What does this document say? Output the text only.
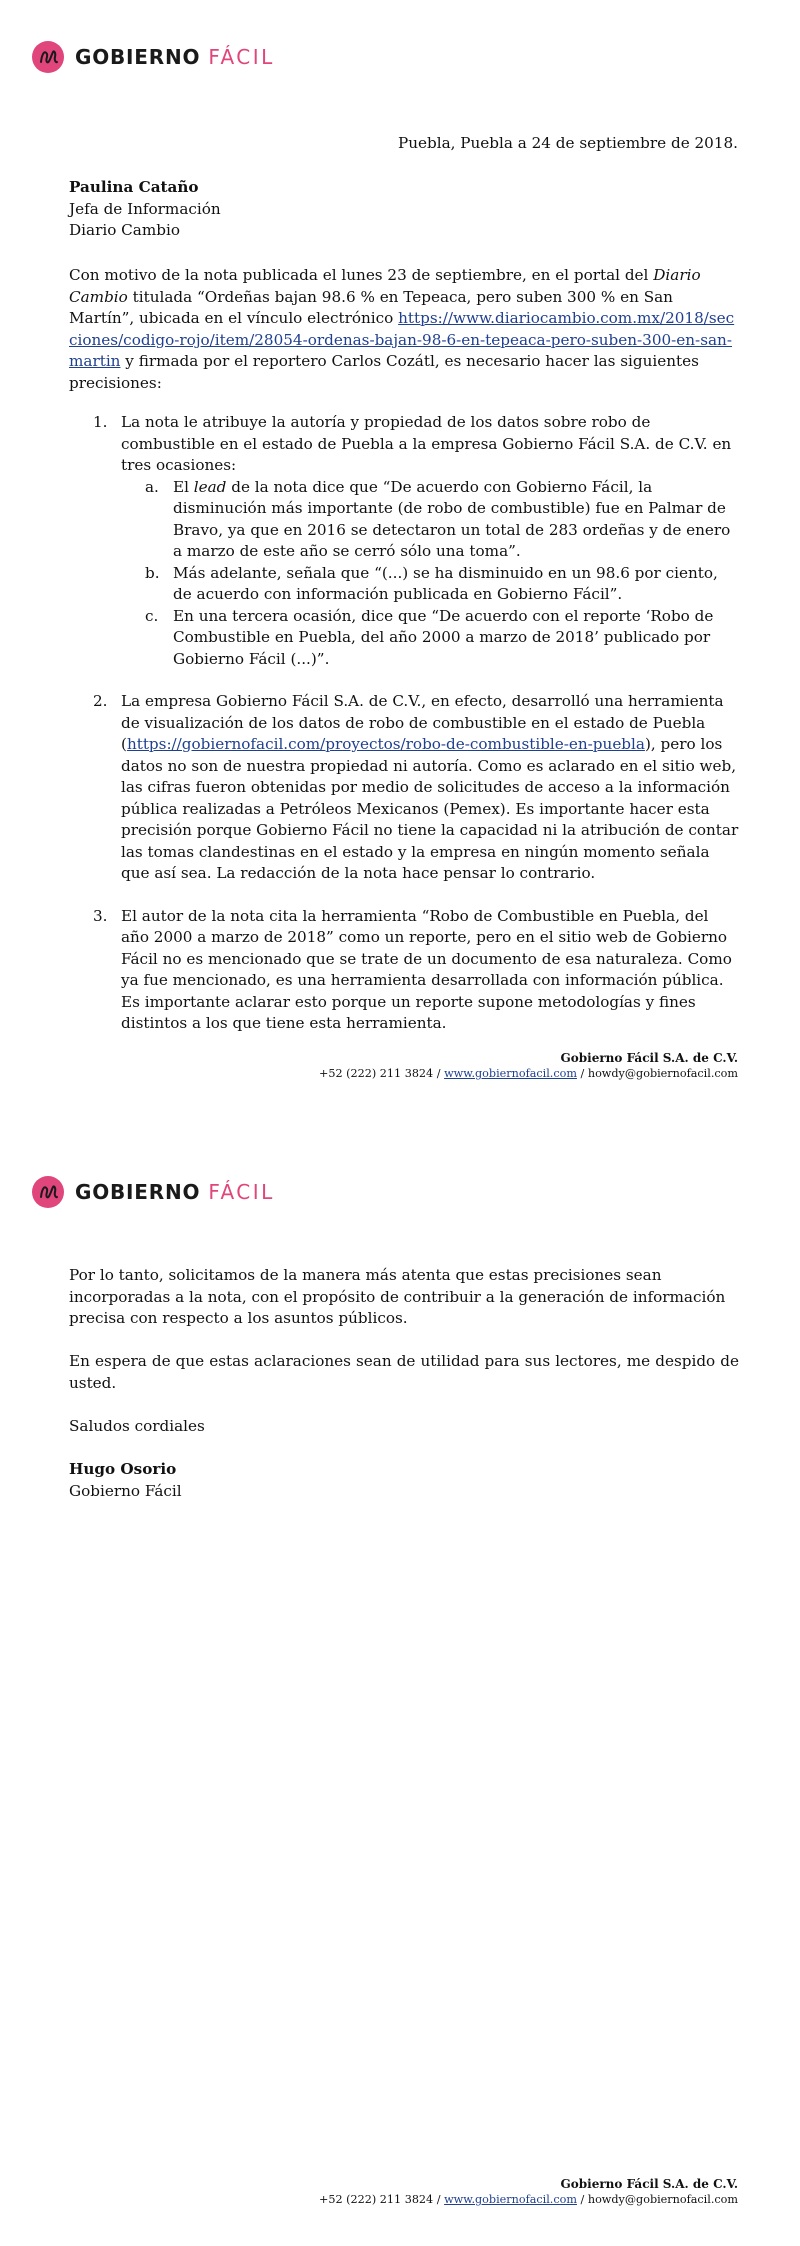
GOBIERNO FÁCIL
Puebla, Puebla a 24 de septiembre de 2018.
Paulina Cataño
Jefa de Información
Diario Cambio
Con motivo de la nota publicada el lunes 23 de septiembre, en el portal del Diario Cambio titulada “Ordeñas bajan 98.6 % en Tepeaca, pero suben 300 % en San Martín”, ubicada en el vínculo electrónico https://www.diariocambio.com.mx/2018/secciones/codigo-rojo/item/28054-ordenas-bajan-98-6-en-tepeaca-pero-suben-300-en-san-martin y firmada por el reportero Carlos Cozátl, es necesario hacer las siguientes precisiones:
1. La nota le atribuye la autoría y propiedad de los datos sobre robo de combustible en el estado de Puebla a la empresa Gobierno Fácil S.A. de C.V. en tres ocasiones:
a. El lead de la nota dice que “De acuerdo con Gobierno Fácil, la disminución más importante (de robo de combustible) fue en Palmar de Bravo, ya que en 2016 se detectaron un total de 283 ordeñas y de enero a marzo de este año se cerró sólo una toma”.
b. Más adelante, señala que “(...) se ha disminuido en un 98.6 por ciento, de acuerdo con información publicada en Gobierno Fácil”.
c. En una tercera ocasión, dice que “De acuerdo con el reporte ‘Robo de Combustible en Puebla, del año 2000 a marzo de 2018’ publicado por Gobierno Fácil (...)”.
2. La empresa Gobierno Fácil S.A. de C.V., en efecto, desarrolló una herramienta de visualización de los datos de robo de combustible en el estado de Puebla (https://gobiernofacil.com/proyectos/robo-de-combustible-en-puebla), pero los datos no son de nuestra propiedad ni autoría. Como es aclarado en el sitio web, las cifras fueron obtenidas por medio de solicitudes de acceso a la información pública realizadas a Petróleos Mexicanos (Pemex). Es importante hacer esta precisión porque Gobierno Fácil no tiene la capacidad ni la atribución de contar las tomas clandestinas en el estado y la empresa en ningún momento señala que así sea. La redacción de la nota hace pensar lo contrario.
3. El autor de la nota cita la herramienta “Robo de Combustible en Puebla, del año 2000 a marzo de 2018” como un reporte, pero en el sitio web de Gobierno Fácil no es mencionado que se trate de un documento de esa naturaleza. Como ya fue mencionado, es una herramienta desarrollada con información pública. Es importante aclarar esto porque un reporte supone metodologías y fines distintos a los que tiene esta herramienta.
Gobierno Fácil S.A. de C.V.
+52 (222) 211 3824 / www.gobiernofacil.com / howdy@gobiernofacil.com
GOBIERNO FÁCIL
Por lo tanto, solicitamos de la manera más atenta que estas precisiones sean incorporadas a la nota, con el propósito de contribuir a la generación de información precisa con respecto a los asuntos públicos.
En espera de que estas aclaraciones sean de utilidad para sus lectores, me despido de usted.
Saludos cordiales
Hugo Osorio
Gobierno Fácil
Gobierno Fácil S.A. de C.V.
+52 (222) 211 3824 / www.gobiernofacil.com / howdy@gobiernofacil.com
